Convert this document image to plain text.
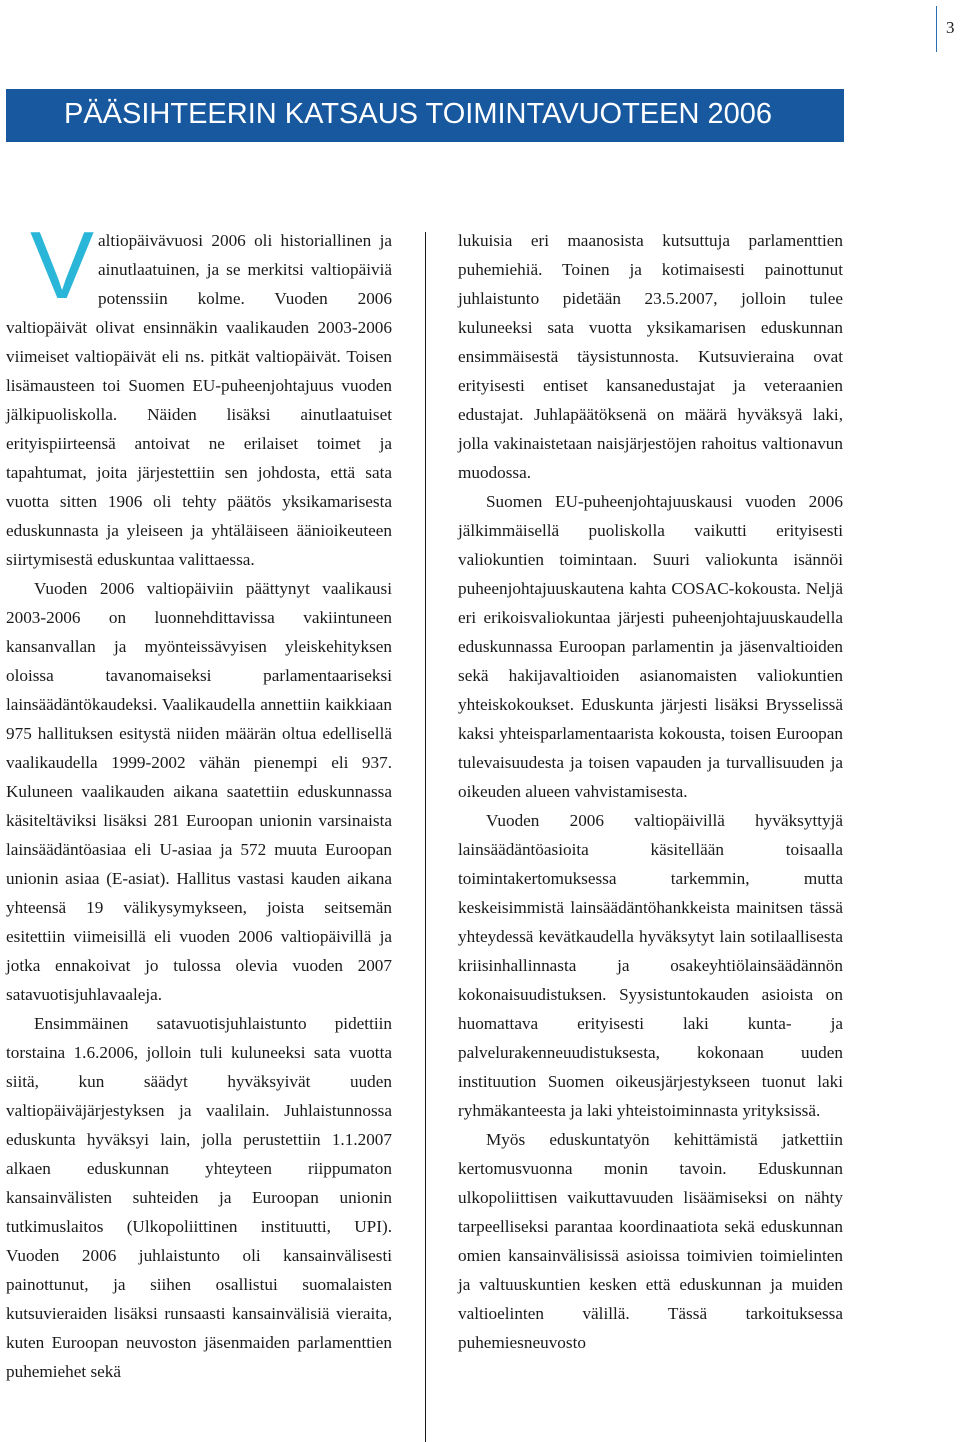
3
PÄÄSIHTEERIN KATSAUS TOIMINTAVUOTEEN 2006
V altiopäivävuosi 2006 oli historiallinen ja ainutlaatuinen, ja se merkitsi valtiopäiviä potenssiin kolme. Vuoden 2006 valtiopäivät olivat ensinnäkin vaalikauden 2003-2006 viimeiset valtiopäivät eli ns. pitkät valtiopäivät. Toisen lisämausteen toi Suomen EU-puheenjohtajuus vuoden jälkipuoliskolla. Näiden lisäksi ainutlaatuiset erityispiirteensä antoivat ne erilaiset toimet ja tapahtumat, joita järjestettiin sen johdosta, että sata vuotta sitten 1906 oli tehty päätös yksikamarisesta eduskunnasta ja yleiseen ja yhtäläiseen äänioikeuteen siirtymisestä eduskuntaa valittaessa.

Vuoden 2006 valtiopäiviin päättynyt vaalikausi 2003-2006 on luonnehdittavissa vakiintuneen kansanvallan ja myönteissävyisen yleiskehityksen oloissa tavanomaiseksi parlamentaariseksi lainsäädäntökaudeksi. Vaalikaudella annettiin kaikkiaan 975 hallituksen esitystä niiden määrän oltua edellisellä vaalikaudella 1999-2002 vähän pienempi eli 937. Kuluneen vaalikauden aikana saatettiin eduskunnassa käsiteltäviksi lisäksi 281 Euroopan unionin varsinaista lainsäädäntöasiaa eli U-asiaa ja 572 muuta Euroopan unionin asiaa (E-asiat). Hallitus vastasi kauden aikana yhteensä 19 välikysymykseen, joista seitsemän esitettiin viimeisillä eli vuoden 2006 valtiopäivillä ja jotka ennakoivat jo tulossa olevia vuoden 2007 satavuotisjuhlavaaleja.

Ensimmäinen satavuotisjuhlaistunto pidettiin torstaina 1.6.2006, jolloin tuli kuluneeksi sata vuotta siitä, kun säädyt hyväksyivät uuden valtiopäiväjärjestyksen ja vaalilain. Juhlaistunnossa eduskunta hyväksyi lain, jolla perustettiin 1.1.2007 alkaen eduskunnan yhteyteen riippumaton kansainvälisten suhteiden ja Euroopan unionin tutkimuslaitos (Ulkopoliittinen instituutti, UPI). Vuoden 2006 juhlaistunto oli kansainvälisesti painottunut, ja siihen osallistui suomalaisten kutsuvieraiden lisäksi runsaasti kansainvälisiä vieraita, kuten Euroopan neuvoston jäsenmaiden parlamenttien puhemiehet sekä

lukuisia eri maanosista kutsuttuja parlamenttien puhemiehiä. Toinen ja kotimaisesti painottunut juhlaistunto pidetään 23.5.2007, jolloin tulee kuluneeksi sata vuotta yksikamarisen eduskunnan ensimmäisestä täysistunnosta. Kutsuvieraina ovat erityisesti entiset kansanedustajat ja veteraanien edustajat. Juhlapäätöksenä on määrä hyväksyä laki, jolla vakinaistetaan naisjärjestöjen rahoitus valtionavun muodossa.

Suomen EU-puheenjohtajuuskausi vuoden 2006 jälkimmäisellä puoliskolla vaikutti erityisesti valiokuntien toimintaan. Suuri valiokunta isännöi puheenjohtajuuskautena kahta COSAC-kokousta. Neljä eri erikoisvaliokuntaa järjesti puheenjohtajuuskaudella eduskunnassa Euroopan parlamentin ja jäsenvaltioiden sekä hakijavaltioiden asianomaisten valiokuntien yhteiskokoukset. Eduskunta järjesti lisäksi Brysselissä kaksi yhteisparlamentaarista kokousta, toisen Euroopan tulevaisuudesta ja toisen vapauden ja turvallisuuden ja oikeuden alueen vahvistamisesta.

Vuoden 2006 valtiopäivillä hyväksyttyjä lainsäädäntöasioita käsitellään toisaalla toimintakertomuksessa tarkemmin, mutta keskeisimmistä lainsäädäntöhankkeista mainitsen tässä yhteydessä kevätkaudella hyväksytyt lain sotilaallisesta kriisinhallinnasta ja osakeyhtiölainsäädännön kokonaisuudistuksen. Syysistuntokauden asioista on huomattava erityisesti laki kunta- ja palvelurakenneuudistuksesta, kokonaan uuden instituution Suomen oikeusjärjestykseen tuonut laki ryhmäkanteesta ja laki yhteistoiminnasta yrityksissä.

Myös eduskuntatyön kehittämistä jatkettiin kertomusvuonna monin tavoin. Eduskunnan ulkopoliittisen vaikuttavuuden lisäämiseksi on nähty tarpeelliseksi parantaa koordinaatiota sekä eduskunnan omien kansainvälisissä asioissa toimivien toimielinten ja valtuuskuntien kesken että eduskunnan ja muiden valtioelinten välillä. Tässä tarkoituksessa puhemiesneuvosto
